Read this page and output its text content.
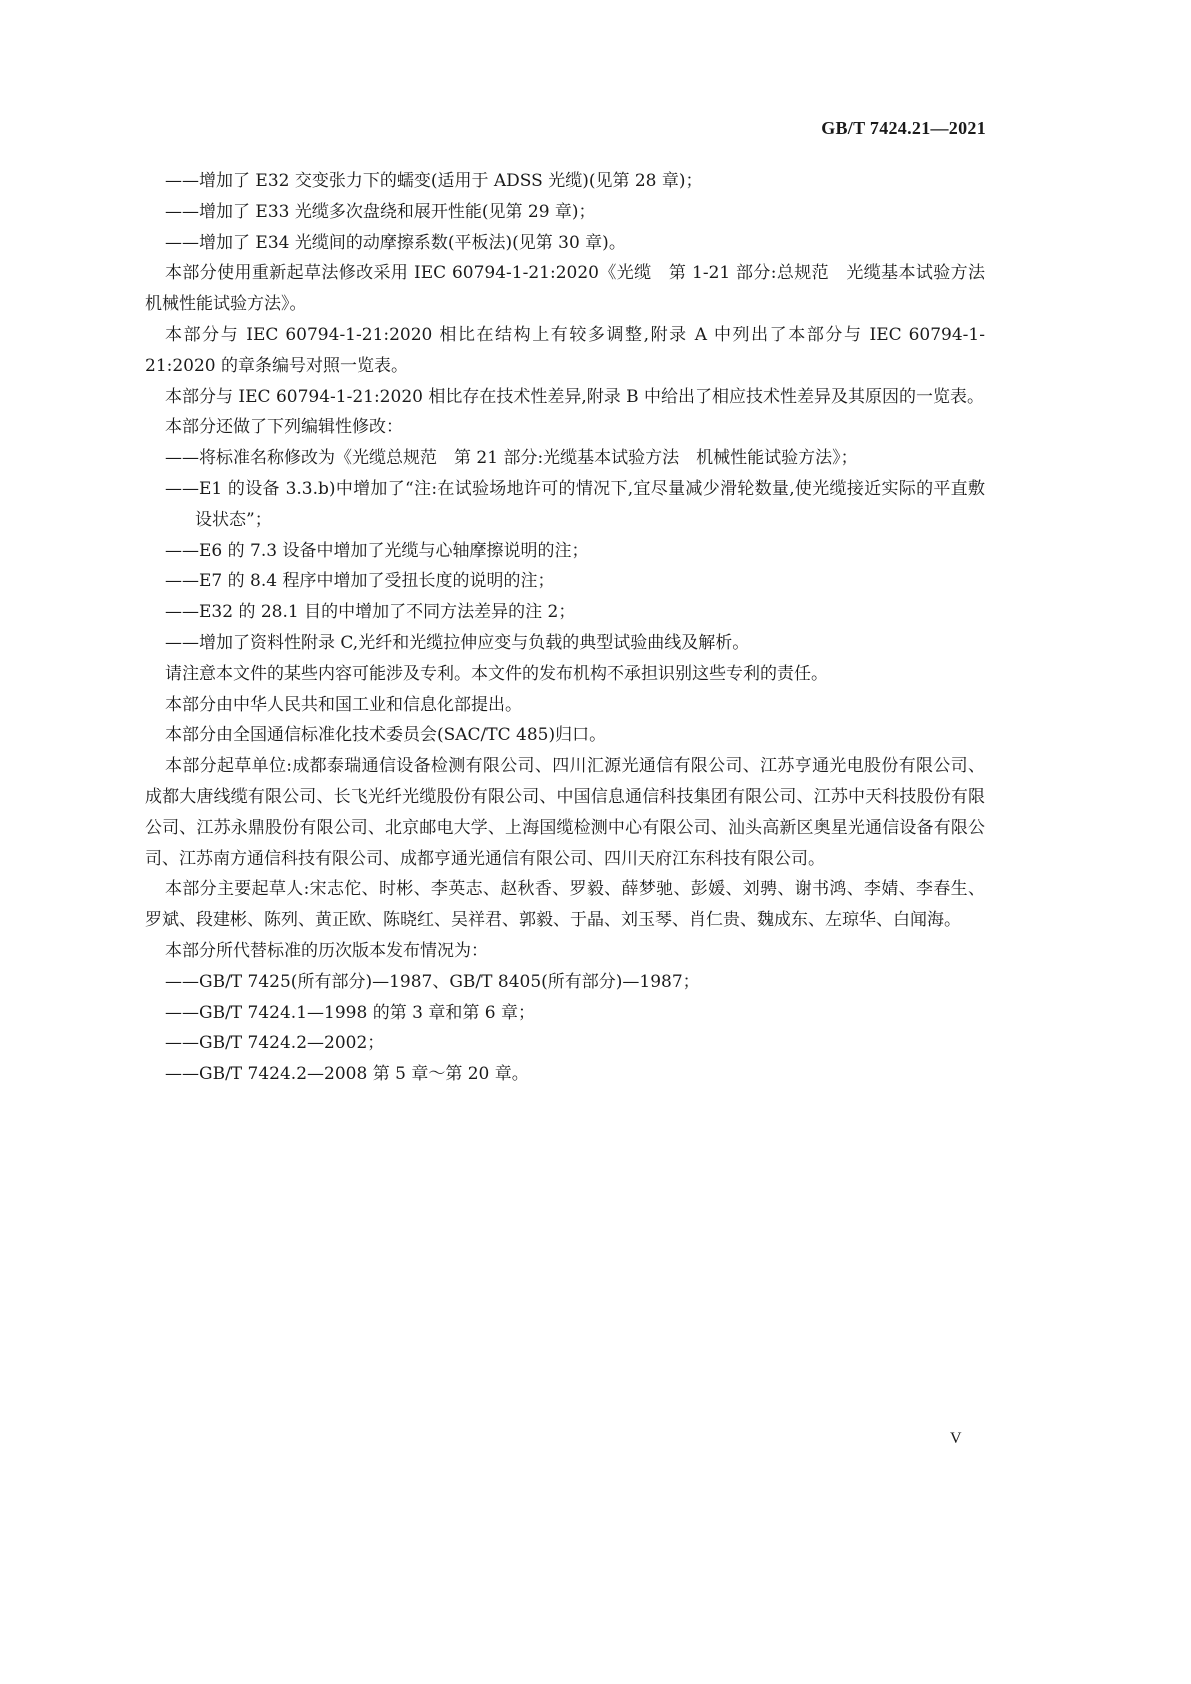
GB/T 7424.21—2021

——增加了 E32 交变张力下的蠕变(适用于 ADSS 光缆)(见第 28 章)；

——增加了 E33 光缆多次盘绕和展开性能(见第 29 章)；

——增加了 E34 光缆间的动摩擦系数(平板法)(见第 30 章)。

本部分使用重新起草法修改采用 IEC 60794-1-21:2020《光缆　第 1-21 部分:总规范　光缆基本试验方法　机械性能试验方法》。

本部分与 IEC 60794-1-21:2020 相比在结构上有较多调整,附录 A 中列出了本部分与 IEC 60794-1-21:2020 的章条编号对照一览表。

本部分与 IEC 60794-1-21:2020 相比存在技术性差异,附录 B 中给出了相应技术性差异及其原因的一览表。

本部分还做了下列编辑性修改：

——将标准名称修改为《光缆总规范　第 21 部分:光缆基本试验方法　机械性能试验方法》；

——E1 的设备 3.3.b)中增加了“注:在试验场地许可的情况下,宜尽量减少滑轮数量,使光缆接近实际的平直敷设状态”；

——E6 的 7.3 设备中增加了光缆与心轴摩擦说明的注；

——E7 的 8.4 程序中增加了受扭长度的说明的注；

——E32 的 28.1 目的中增加了不同方法差异的注 2；

——增加了资料性附录 C,光纤和光缆拉伸应变与负载的典型试验曲线及解析。

请注意本文件的某些内容可能涉及专利。本文件的发布机构不承担识别这些专利的责任。

本部分由中华人民共和国工业和信息化部提出。

本部分由全国通信标准化技术委员会(SAC/TC 485)归口。

本部分起草单位:成都泰瑞通信设备检测有限公司、四川汇源光通信有限公司、江苏亨通光电股份有限公司、成都大唐线缆有限公司、长飞光纤光缆股份有限公司、中国信息通信科技集团有限公司、江苏中天科技股份有限公司、江苏永鼎股份有限公司、北京邮电大学、上海国缆检测中心有限公司、汕头高新区奥星光通信设备有限公司、江苏南方通信科技有限公司、成都亨通光通信有限公司、四川天府江东科技有限公司。

本部分主要起草人:宋志佗、时彬、李英志、赵秋香、罗毅、薛梦驰、彭媛、刘骋、谢书鸿、李婧、李春生、罗斌、段建彬、陈列、黄正欧、陈晓红、吴祥君、郭毅、于晶、刘玉琴、肖仁贵、魏成东、左琼华、白闻海。

本部分所代替标准的历次版本发布情况为：

——GB/T 7425(所有部分)—1987、GB/T 8405(所有部分)—1987；

——GB/T 7424.1—1998 的第 3 章和第 6 章；

——GB/T 7424.2—2002；

——GB/T 7424.2—2008 第 5 章～第 20 章。

V
